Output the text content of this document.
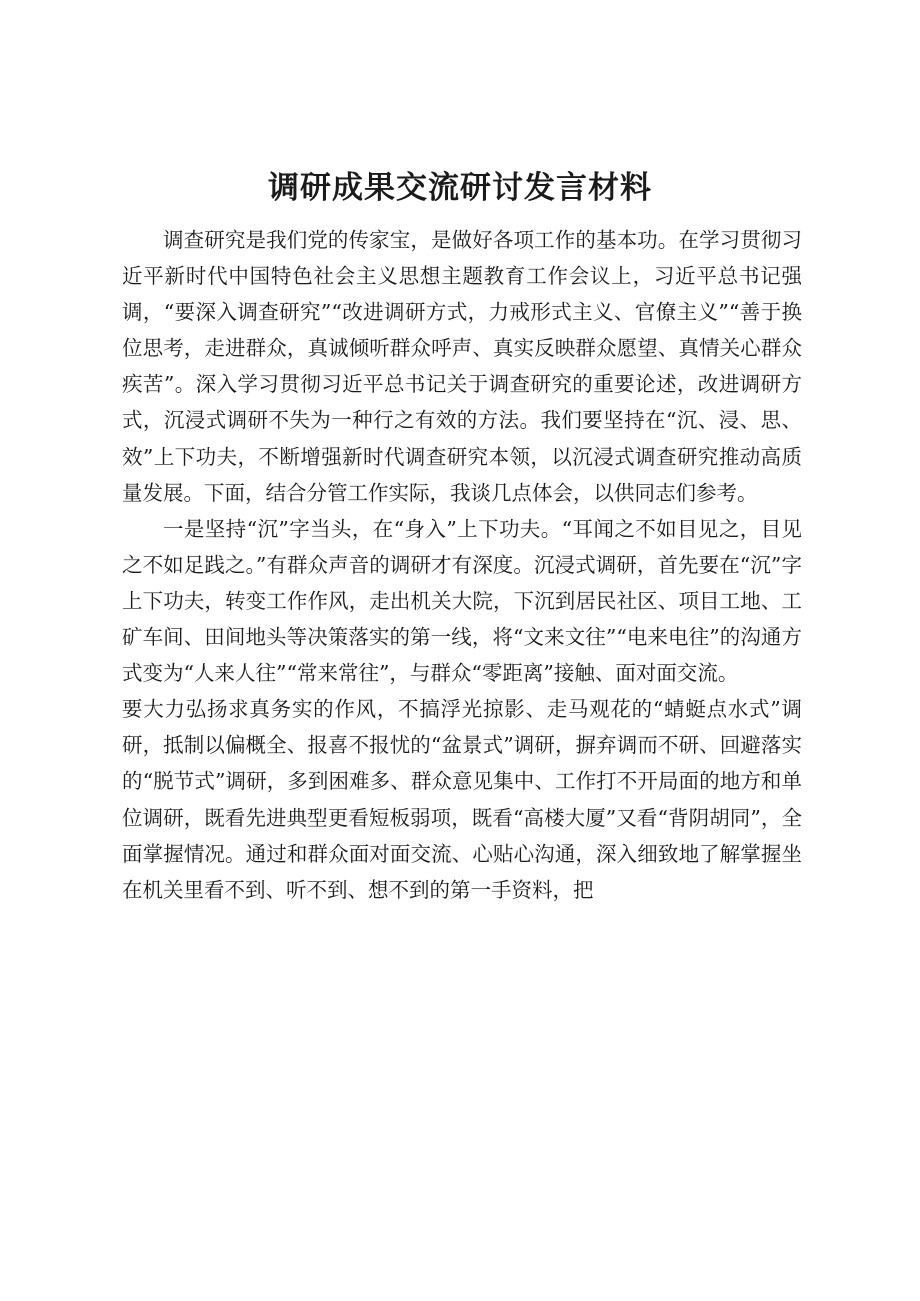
调研成果交流研讨发言材料

调查研究是我们党的传家宝，是做好各项工作的基本功。在学习贯彻习近平新时代中国特色社会主义思想主题教育工作会议上，习近平总书记强调，“要深入调查研究”“改进调研方式，力戒形式主义、官僚主义”“善于换位思考，走进群众，真诚倾听群众呼声、真实反映群众愿望、真情关心群众疾苦”。深入学习贯彻习近平总书记关于调查研究的重要论述，改进调研方式，沉浸式调研不失为一种行之有效的方法。我们要坚持在“沉、浸、思、效”上下功夫，不断增强新时代调查研究本领，以沉浸式调查研究推动高质量发展。下面，结合分管工作实际，我谈几点体会，以供同志们参考。

一是坚持“沉”字当头，在“身入”上下功夫。“耳闻之不如目见之，目见之不如足践之。”有群众声音的调研才有深度。沉浸式调研，首先要在“沉”字上下功夫，转变工作作风，走出机关大院，下沉到居民社区、项目工地、工矿车间、田间地头等决策落实的第一线，将“文来文往”“电来电往”的沟通方式变为“人来人往”“常来常往”，与群众“零距离”接触、面对面交流。

要大力弘扬求真务实的作风，不搞浮光掠影、走马观花的“蜻蜓点水式”调研，抵制以偏概全、报喜不报忧的“盆景式”调研，摒弃调而不研、回避落实的“脱节式”调研，多到困难多、群众意见集中、工作打不开局面的地方和单位调研，既看先进典型更看短板弱项，既看“高楼大厦”又看“背阴胡同”，全面掌握情况。通过和群众面对面交流、心贴心沟通，深入细致地了解掌握坐在机关里看不到、听不到、想不到的第一手资料，把
